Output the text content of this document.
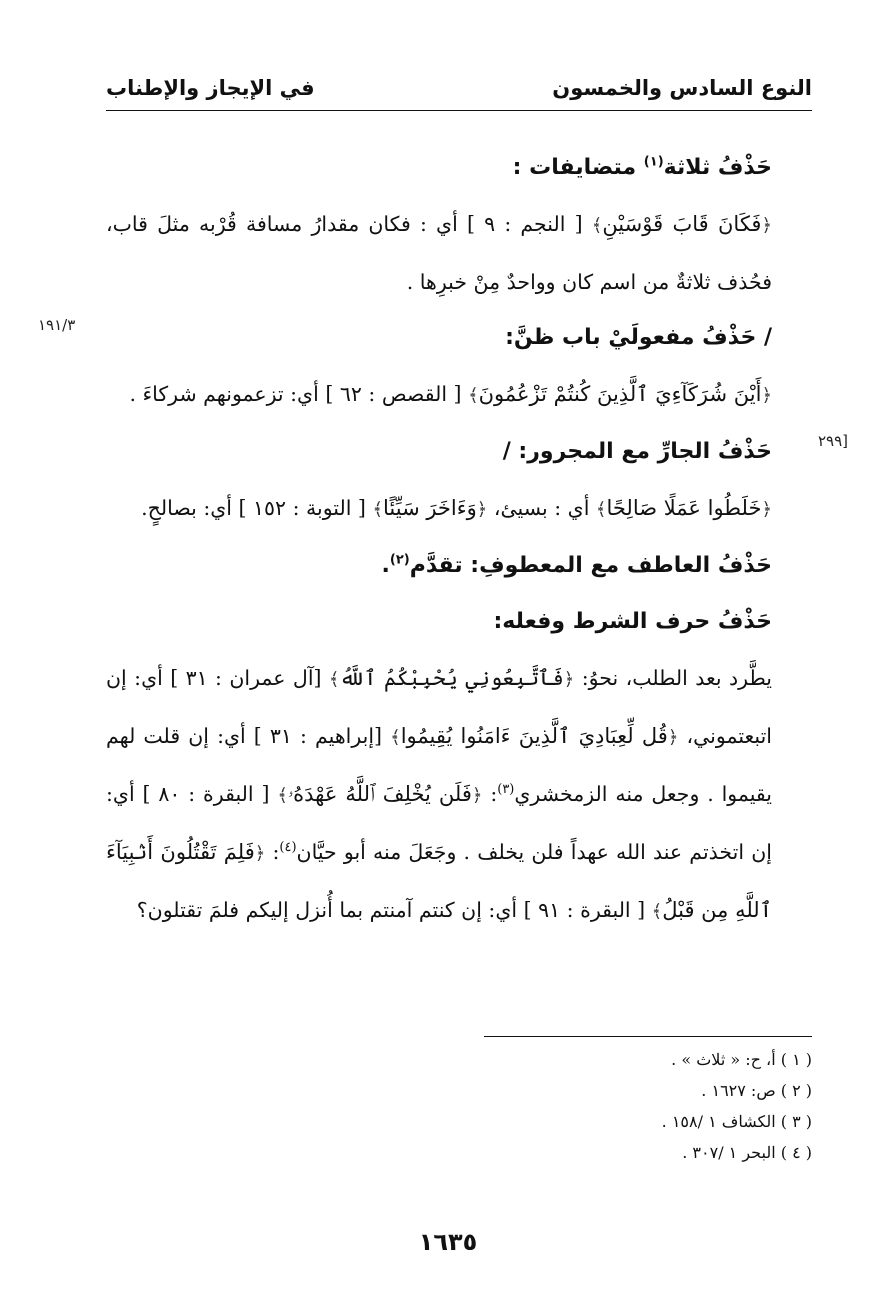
النوع السادس والخمسون
في الإيجاز والإطناب
١٩١/٣
[٢٩٩

حَذْفُ ثلاثة$^{(١)}$ متضايفات :

﴿فَكَانَ قَابَ قَوْسَيْنِ﴾ [ النجم : ٩ ] أي : فكان مقدارُ مسافة قُرْبه مثلَ قاب، فحُذف ثلاثةٌ من اسم كان وواحدٌ مِنْ خبرِها .

/ حَذْفُ مفعولَيْ باب ظنَّ:

﴿أَيْنَ شُرَكَآءِيَ ٱلَّذِينَ كُنتُمْ تَزْعُمُونَ﴾ [ القصص : ٦٢ ] أي: تزعمونهم شركاءَ .

حَذْفُ الجارِّ مع المجرور: /

﴿خَلَطُوا عَمَلًا صَالِحًا﴾ أي : بسيئ، ﴿وَءَاخَرَ سَيِّئًا﴾ [ التوبة : ١٥٢ ] أي: بصالحٍ.

حَذْفُ العاطف مع المعطوفِ: تقدَّم$^{(٢)}$.

حَذْفُ حرف الشرط وفعله:

يطَّرد بعد الطلب، نحوُ: ﴿فَٱتَّبِعُونِي يُحْبِبْكُمُ ٱللَّهُ﴾ [آل عمران : ٣١ ] أي: إن اتبعتموني، ﴿قُل لِّعِبَادِيَ ٱلَّذِينَ ءَامَنُوا يُقِيمُوا﴾ [إبراهيم : ٣١ ] أي: إن قلت لهم يقيموا . وجعل منه الزمخشري$^{(٣)}$: ﴿فَلَن يُخْلِفَ ٱللَّهُ عَهْدَهُۥ﴾ [ البقرة : ٨٠ ] أي: إن اتخذتم عند الله عهداً فلن يخلف . وجَعَلَ منه أبو حيَّان$^{(٤)}$: ﴿فَلِمَ تَقْتُلُونَ أَنۢبِيَآءَ ٱللَّهِ مِن قَبْلُ﴾ [ البقرة : ٩١ ] أي: إن كنتم آمنتم بما أُنزل إليكم فلمَ تقتلون؟

( ١ ) أ، ح: « ثلاث » .
( ٢ ) ص: ١٦٢٧ .
( ٣ ) الكشاف ١ /١٥٨ .
( ٤ ) البحر ١ /٣٠٧ .
١٦٣٥
